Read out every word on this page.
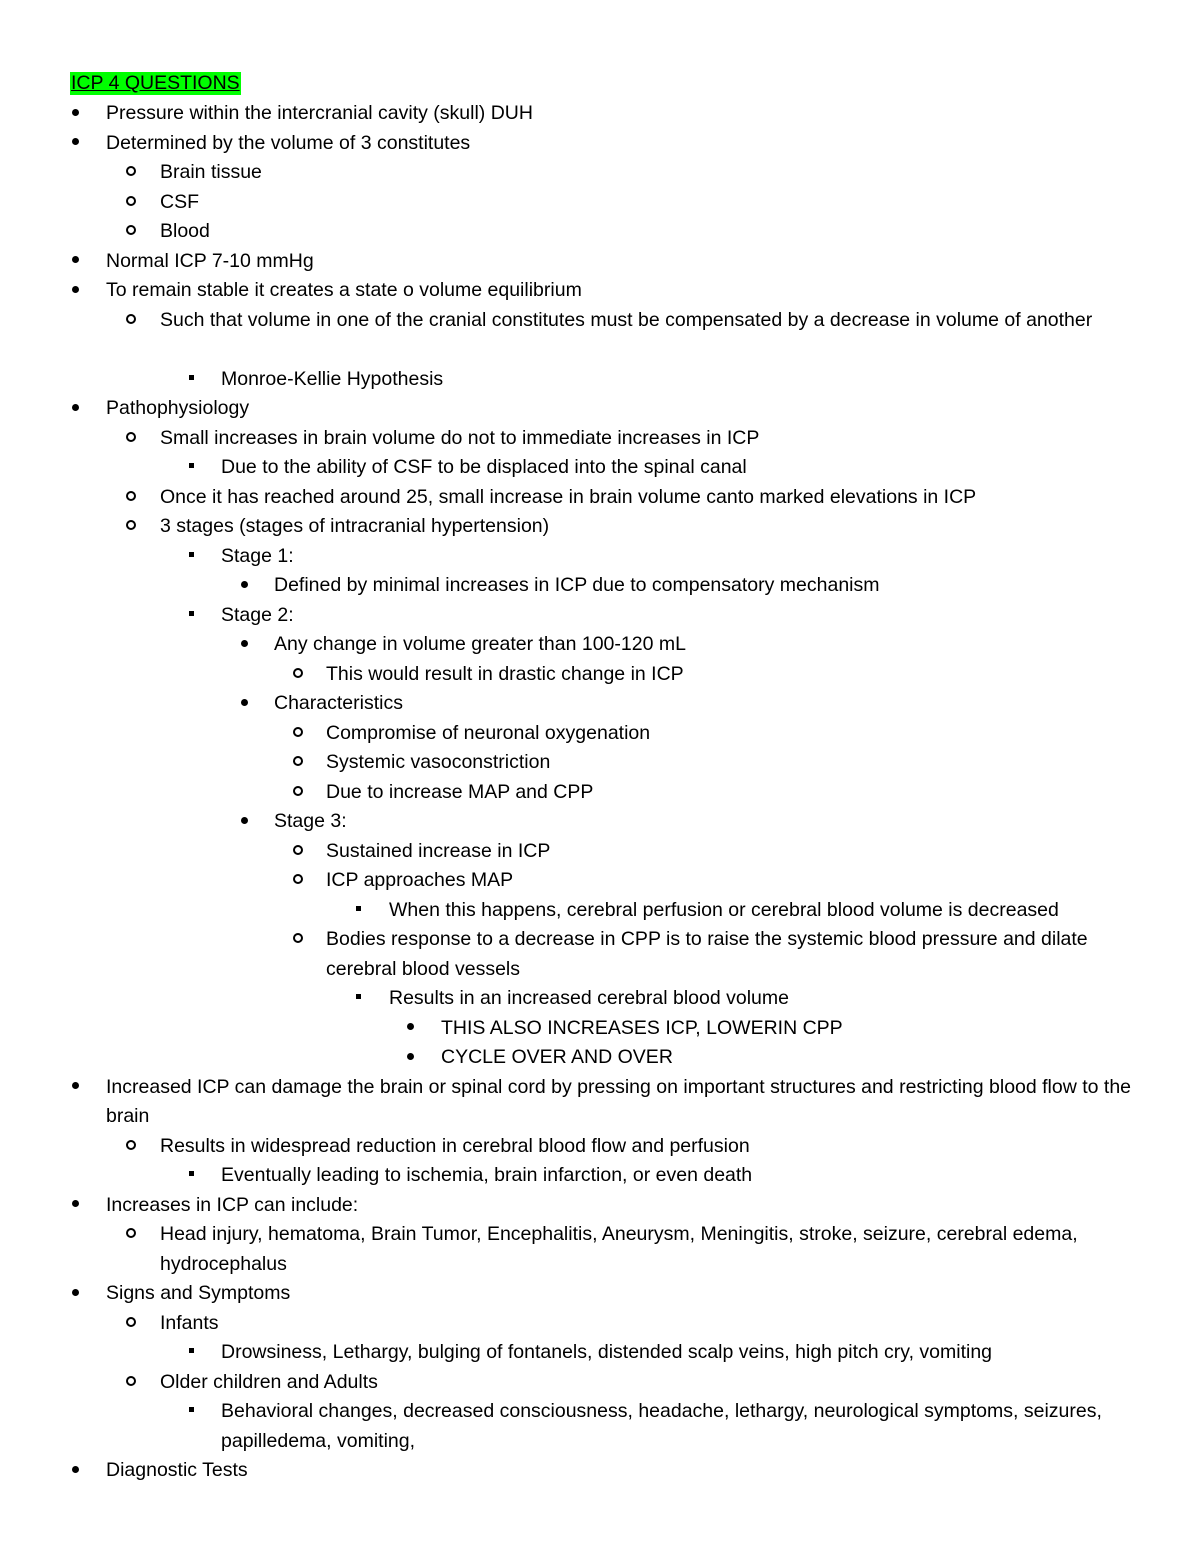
ICP 4 QUESTIONS
Pressure within the intercranial cavity (skull) DUH
Determined by the volume of 3 constitutes
Brain tissue
CSF
Blood
Normal ICP 7-10 mmHg
To remain stable it creates a state o volume equilibrium
Such that volume in one of the cranial constitutes must be compensated by a decrease in volume of another
Monroe-Kellie Hypothesis
Pathophysiology
Small increases in brain volume do not to immediate increases in ICP
Due to the ability of CSF to be displaced into the spinal canal
Once it has reached around 25, small increase in brain volume canto marked elevations in ICP
3 stages (stages of intracranial hypertension)
Stage 1:
Defined by minimal increases in ICP due to compensatory mechanism
Stage 2:
Any change in volume greater than 100-120 mL
This would result in drastic change in ICP
Characteristics
Compromise of neuronal oxygenation
Systemic vasoconstriction
Due to increase MAP and CPP
Stage 3:
Sustained increase in ICP
ICP approaches MAP
When this happens, cerebral perfusion or cerebral blood volume is decreased
Bodies response to a decrease in CPP is to raise the systemic blood pressure and dilate cerebral blood vessels
Results in an increased cerebral blood volume
THIS ALSO INCREASES ICP, LOWERIN CPP
CYCLE OVER AND OVER
Increased ICP can damage the brain or spinal cord by pressing on important structures and restricting blood flow to the brain
Results in widespread reduction in cerebral blood flow and perfusion
Eventually leading to ischemia, brain infarction, or even death
Increases in ICP can include:
Head injury, hematoma, Brain Tumor, Encephalitis, Aneurysm, Meningitis, stroke, seizure, cerebral edema, hydrocephalus
Signs and Symptoms
Infants
Drowsiness, Lethargy, bulging of fontanels, distended scalp veins, high pitch cry, vomiting
Older children and Adults
Behavioral changes, decreased consciousness, headache, lethargy, neurological symptoms, seizures, papilledema, vomiting,
Diagnostic Tests
